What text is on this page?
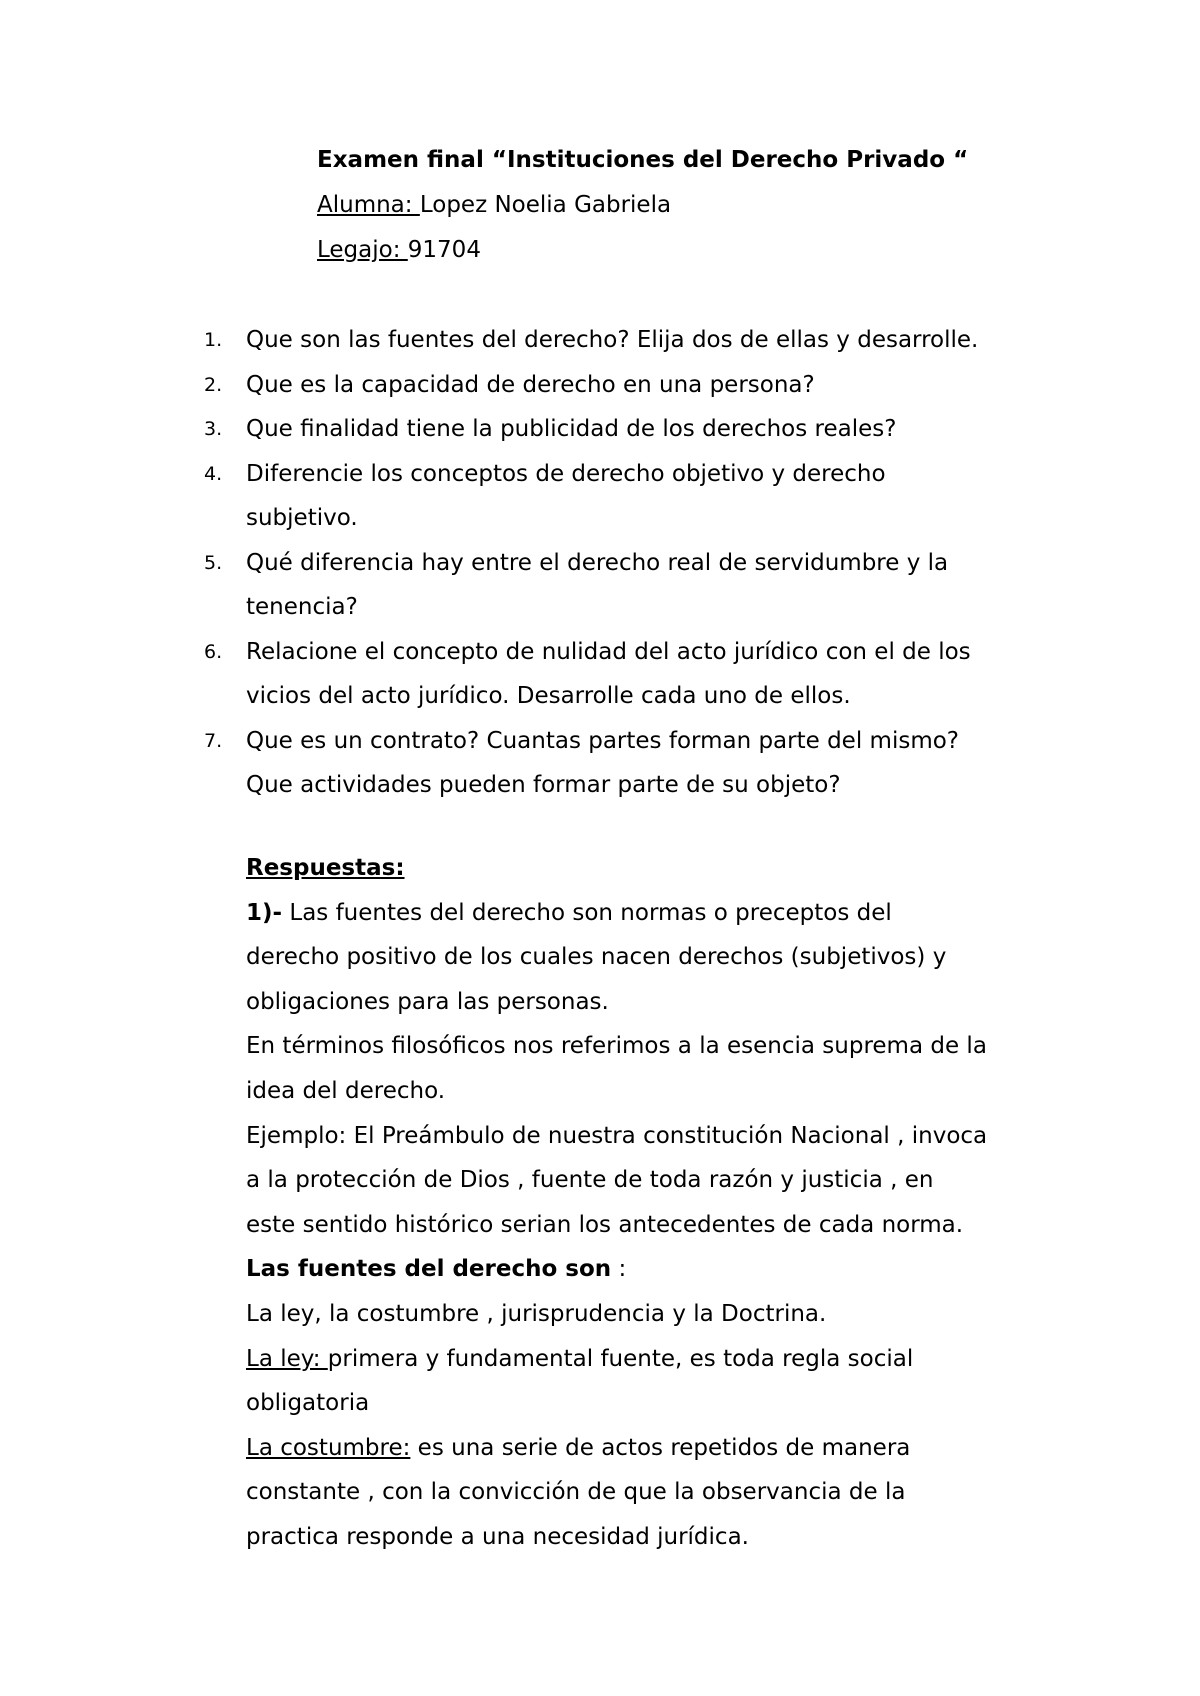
Examen final “Instituciones del Derecho Privado “
Alumna: Lopez Noelia Gabriela
Legajo: 91704
1. Que son las fuentes del derecho? Elija dos de ellas y desarrolle.
2. Que es la capacidad de derecho en una persona?
3. Que finalidad tiene la publicidad de los derechos reales?
4. Diferencie los conceptos de derecho objetivo y derecho
subjetivo.
5. Qué diferencia hay entre el derecho real de servidumbre y la
tenencia?
6. Relacione el concepto de nulidad del acto jurídico con el de los
vicios del acto jurídico. Desarrolle cada uno de ellos.
7. Que es un contrato? Cuantas partes forman parte del mismo?
Que actividades pueden formar parte de su objeto?
Respuestas:
1)- Las fuentes del derecho son normas o preceptos del
derecho positivo de los cuales nacen derechos (subjetivos) y
obligaciones para las personas.
En términos filosóficos nos referimos a la esencia suprema de la
idea del derecho.
Ejemplo: El Preámbulo de nuestra constitución Nacional , invoca
a la protección de Dios , fuente de toda razón y justicia , en
este sentido histórico serian los antecedentes de cada norma.
Las fuentes del derecho son :
La ley, la costumbre , jurisprudencia y la Doctrina.
La ley: primera y fundamental fuente, es toda regla social
obligatoria
La costumbre: es una serie de actos repetidos de manera
constante , con la convicción de que la observancia de la
practica responde a una necesidad jurídica.
